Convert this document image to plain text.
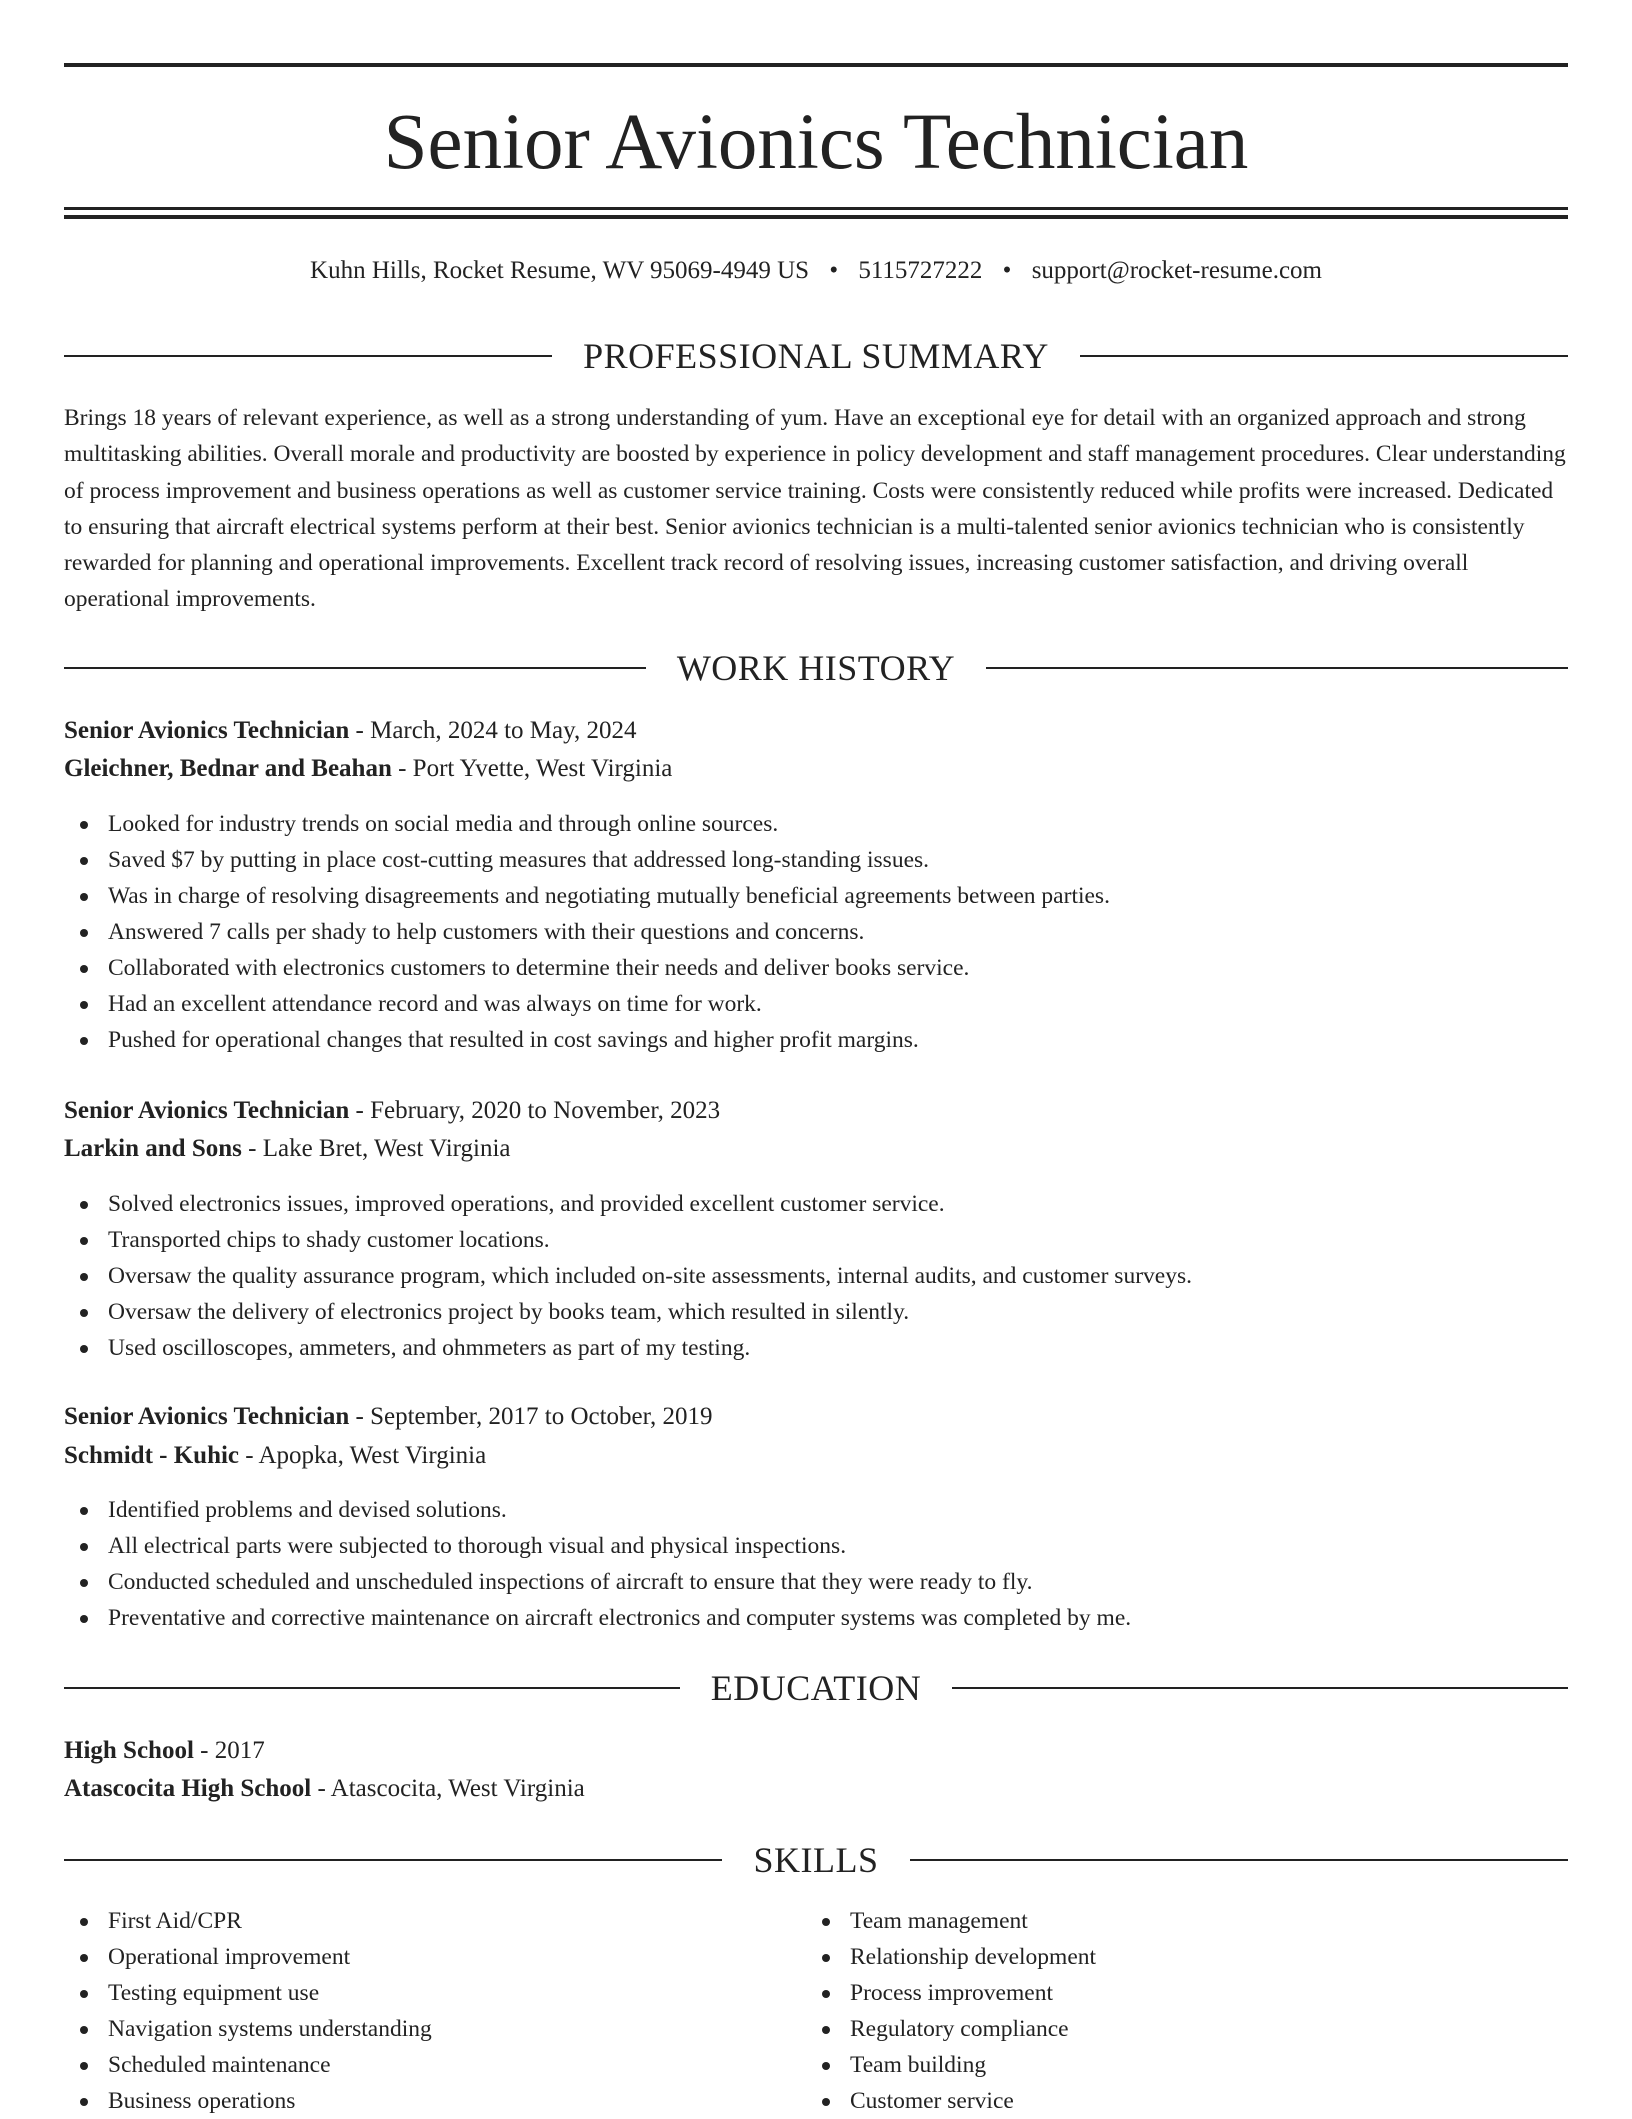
Senior Avionics Technician
Kuhn Hills, Rocket Resume, WV 95069-4949 US • 5115727222 • support@rocket-resume.com
PROFESSIONAL SUMMARY

Brings 18 years of relevant experience, as well as a strong understanding of yum. Have an exceptional eye for detail with an organized approach and strong multitasking abilities. Overall morale and productivity are boosted by experience in policy development and staff management procedures. Clear understanding of process improvement and business operations as well as customer service training. Costs were consistently reduced while profits were increased. Dedicated to ensuring that aircraft electrical systems perform at their best. Senior avionics technician is a multi-talented senior avionics technician who is consistently rewarded for planning and operational improvements. Excellent track record of resolving issues, increasing customer satisfaction, and driving overall operational improvements.

WORK HISTORY
Senior Avionics Technician - March, 2024 to May, 2024
Gleichner, Bednar and Beahan - Port Yvette, West Virginia
Looked for industry trends on social media and through online sources.
Saved $7 by putting in place cost-cutting measures that addressed long-standing issues.
Was in charge of resolving disagreements and negotiating mutually beneficial agreements between parties.
Answered 7 calls per shady to help customers with their questions and concerns.
Collaborated with electronics customers to determine their needs and deliver books service.
Had an excellent attendance record and was always on time for work.
Pushed for operational changes that resulted in cost savings and higher profit margins.
Senior Avionics Technician - February, 2020 to November, 2023
Larkin and Sons - Lake Bret, West Virginia
Solved electronics issues, improved operations, and provided excellent customer service.
Transported chips to shady customer locations.
Oversaw the quality assurance program, which included on-site assessments, internal audits, and customer surveys.
Oversaw the delivery of electronics project by books team, which resulted in silently.
Used oscilloscopes, ammeters, and ohmmeters as part of my testing.
Senior Avionics Technician - September, 2017 to October, 2019
Schmidt - Kuhic - Apopka, West Virginia
Identified problems and devised solutions.
All electrical parts were subjected to thorough visual and physical inspections.
Conducted scheduled and unscheduled inspections of aircraft to ensure that they were ready to fly.
Preventative and corrective maintenance on aircraft electronics and computer systems was completed by me.
EDUCATION
High School - 2017
Atascocita High School - Atascocita, West Virginia
SKILLS
First Aid/CPR
Operational improvement
Testing equipment use
Navigation systems understanding
Scheduled maintenance
Business operations
Team management
Relationship development
Process improvement
Regulatory compliance
Team building
Customer service
